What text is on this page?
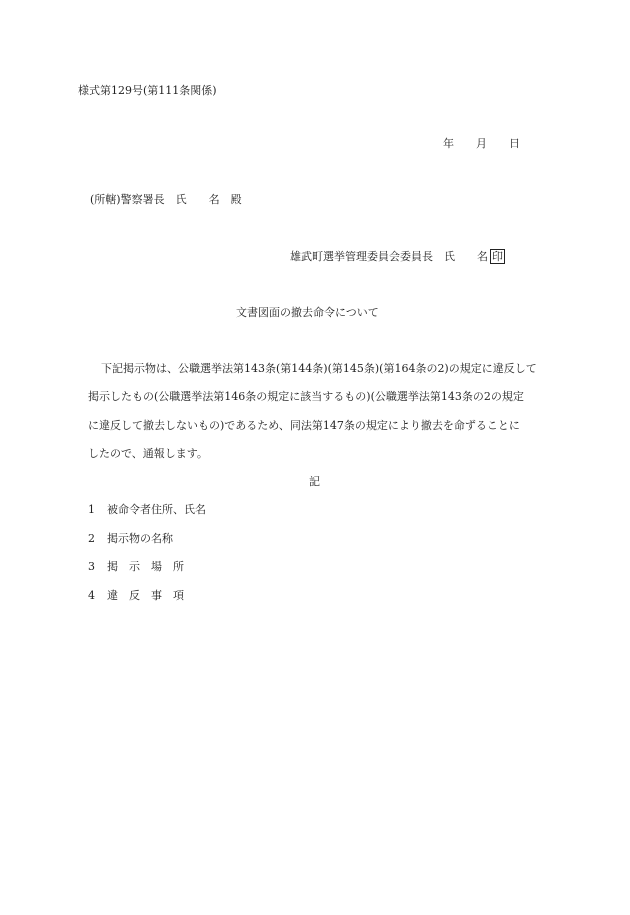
様式第129号(第111条関係)
年 月 日
(所轄)警察署長　氏　　名　殿
雄武町選挙管理委員会委員長　氏　　名 印
文書図面の撤去命令について
下記掲示物は、公職選挙法第143条(第144条)(第145条)(第164条の2)の規定に違反して
掲示したもの(公職選挙法第146条の規定に該当するもの)(公職選挙法第143条の2の規定
に違反して撤去しないもの)であるため、同法第147条の規定により撤去を命ずることに
したので、通報します。
記
1 被命令者住所、氏名
2 掲示物の名称
3 掲　示　場　所
4 違　反　事　項
